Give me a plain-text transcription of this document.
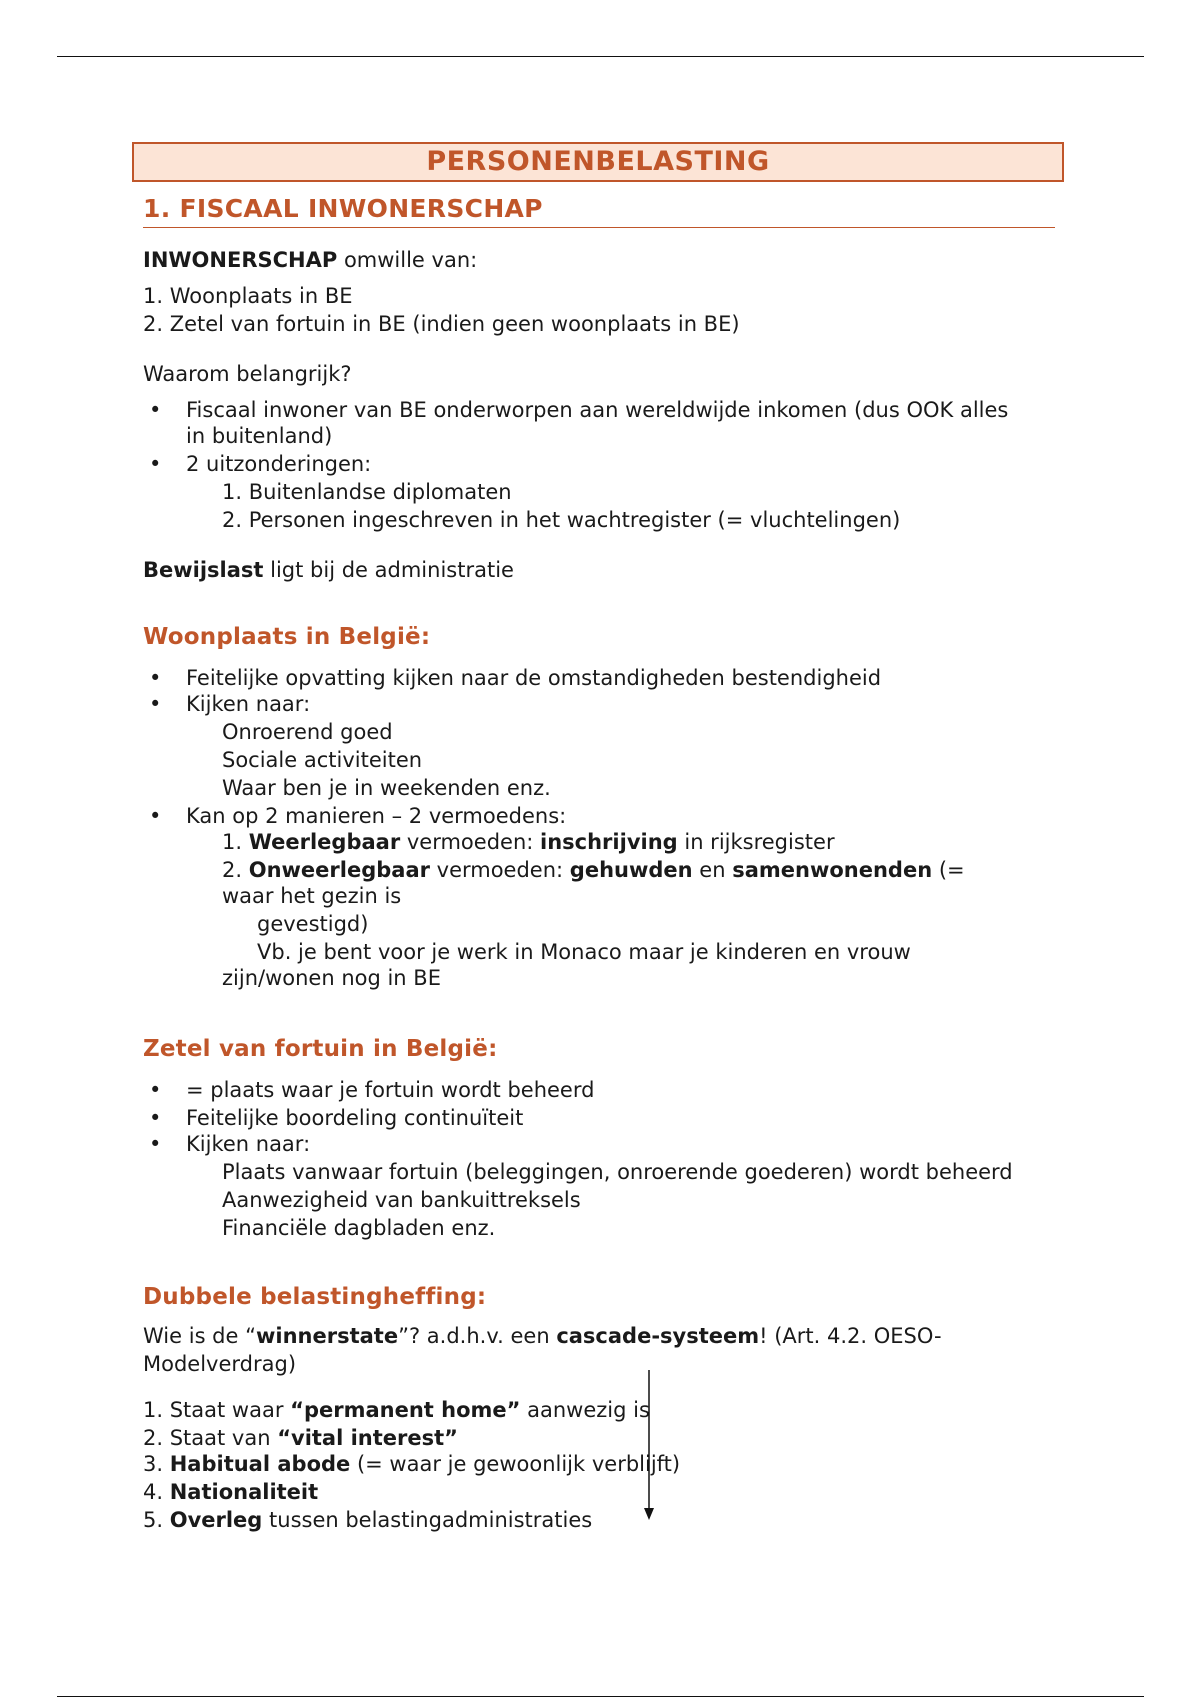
PERSONENBELASTING
1. FISCAAL INWONERSCHAP
INWONERSCHAP omwille van:
1. Woonplaats in BE
2. Zetel van fortuin in BE (indien geen woonplaats in BE)
Waarom belangrijk?
• Fiscaal inwoner van BE onderworpen aan wereldwijde inkomen (dus OOK alles
in buitenland)
• 2 uitzonderingen:
1. Buitenlandse diplomaten
2. Personen ingeschreven in het wachtregister (= vluchtelingen)
Bewijslast ligt bij de administratie
Woonplaats in België:
• Feitelijke opvatting kijken naar de omstandigheden bestendigheid
• Kijken naar:
Onroerend goed
Sociale activiteiten
Waar ben je in weekenden enz.
• Kan op 2 manieren – 2 vermoedens:
1. Weerlegbaar vermoeden: inschrijving in rijksregister
2. Onweerlegbaar vermoeden: gehuwden en samenwonenden (=
waar het gezin is
gevestigd)
Vb. je bent voor je werk in Monaco maar je kinderen en vrouw
zijn/wonen nog in BE
Zetel van fortuin in België:
• = plaats waar je fortuin wordt beheerd
• Feitelijke boordeling continuïteit
• Kijken naar:
Plaats vanwaar fortuin (beleggingen, onroerende goederen) wordt beheerd
Aanwezigheid van bankuittreksels
Financiële dagbladen enz.
Dubbele belastingheffing:
Wie is de “winnerstate”? a.d.h.v. een cascade-systeem! (Art. 4.2. OESO-
Modelverdrag)
1. Staat waar “permanent home” aanwezig is
2. Staat van “vital interest”
3. Habitual abode (= waar je gewoonlijk verblijft)
4. Nationaliteit
5. Overleg tussen belastingadministraties
